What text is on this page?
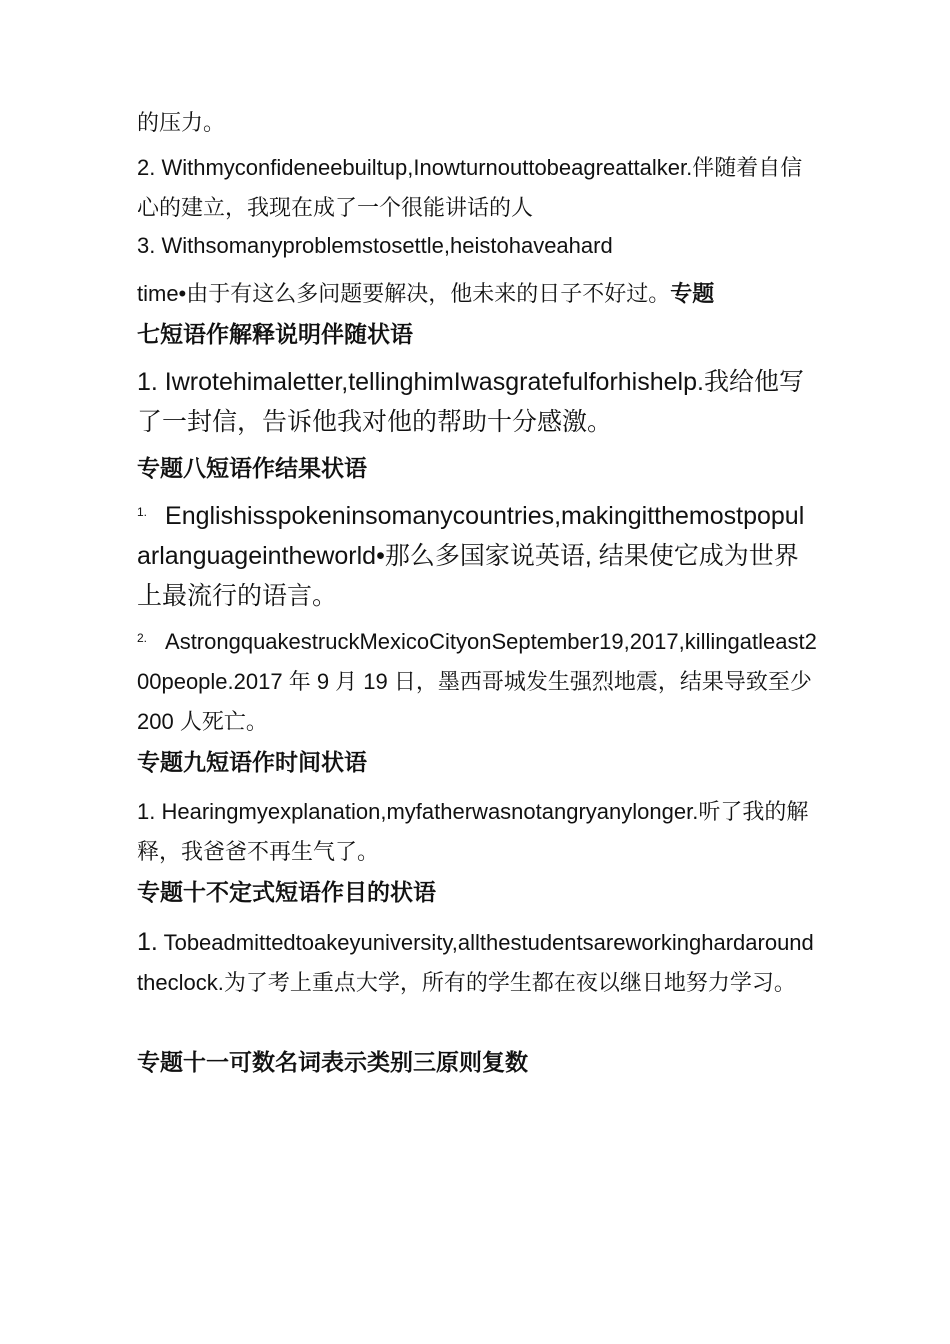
的压力。

2. Withmyconfideneebuiltup,Inowturnouttobeagreattalker.伴随着自信心的建立，我现在成了一个很能讲话的人

3. Withsomanyproblemstosettle,heistohaveahard

time•由于有这么多问题要解决，他未来的日子不好过。专题

七短语作解释说明伴随状语

1. Iwrotehimaletter,tellinghimIwasgratefulforhishelp.我给他写了一封信，告诉他我对他的帮助十分感激。

专题八短语作结果状语

$^{1.}$ Englishisspokeninsomanycountries,makingitthemostpopularlanguageintheworld•那么多国家说英语, 结果使它成为世界上最流行的语言。

$^{2.}$ AstrongquakestruckMexicoCityonSeptember19,2017,killingatleast200people.2017 年 9 月 19 日，墨西哥城发生强烈地震，结果导致至少 200 人死亡。

专题九短语作时间状语

1. Hearingmyexplanation,myfatherwasnotangryanylonger.听了我的解释，我爸爸不再生气了。

专题十不定式短语作目的状语

1. Tobeadmittedtoakeyuniversity,allthestudentsareworkinghardaroundtheclock.为了考上重点大学，所有的学生都在夜以继日地努力学习。

专题十一可数名词表示类别三原则复数
